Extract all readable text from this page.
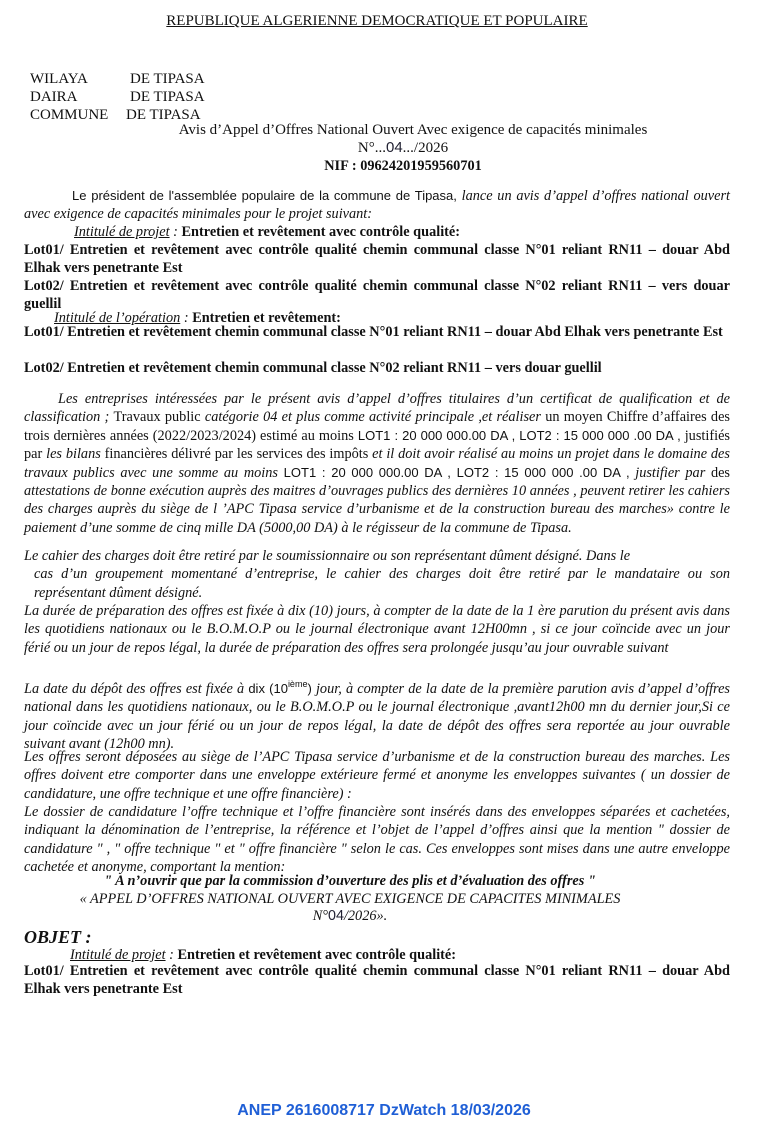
REPUBLIQUE ALGERIENNE DEMOCRATIQUE ET POPULAIRE
WILAYA	DE TIPASA
DAIRA	DE TIPASA
COMMUNE DE TIPASA
Avis d’Appel d’Offres National Ouvert Avec exigence de capacités minimales
N°...04.../2026
NIF : 09624201959560701
Le président de l'assemblée populaire de la commune de Tipasa, lance un avis d’appel d’offres national ouvert avec exigence de capacités minimales pour le projet suivant:
Intitulé de projet : Entretien et revêtement avec contrôle qualité:
Lot01/ Entretien et revêtement avec contrôle qualité chemin communal classe N°01 reliant RN11 – douar Abd Elhak vers penetrante Est
Lot02/ Entretien et revêtement avec contrôle qualité chemin communal classe N°02 reliant RN11 – vers douar guellil
Intitulé de l’opération : Entretien et revêtement:
Lot01/ Entretien et revêtement chemin communal classe N°01 reliant RN11 – douar Abd Elhak vers penetrante Est
Lot02/ Entretien et revêtement chemin communal classe N°02 reliant RN11 – vers douar guellil
Les entreprises intéressées par le présent avis d’appel d’offres titulaires d’un certificat de qualification et de classification ; Travaux public catégorie 04 et plus comme activité principale ,et réaliser un moyen Chiffre d’affaires des trois dernières années (2022/2023/2024) estimé au moins LOT1 : 20 000 000.00 DA , LOT2 : 15 000 000 .00 DA , justifiés par les bilans financières délivré par les services des impôts et il doit avoir réalisé au moins un projet dans le domaine des travaux publics avec une somme au moins LOT1 : 20 000 000.00 DA , LOT2 : 15 000 000 .00 DA , justifier par des attestations de bonne exécution auprès des maitres d’ouvrages publics des dernières 10 années , peuvent retirer les cahiers des charges auprès du siège de l ’APC Tipasa service d’urbanisme et de la construction bureau des marches» contre le paiement d’une somme de cinq mille DA (5000,00 DA) à le régisseur de la commune de Tipasa.
Le cahier des charges doit être retiré par le soumissionnaire ou son représentant dûment désigné. Dans le
cas d’un groupement momentané d’entreprise, le cahier des charges doit être retiré par le mandataire ou son représentant dûment désigné.
La durée de préparation des offres est fixée à dix (10) jours, à compter de la date de la 1 ère parution du présent avis dans les quotidiens nationaux ou le B.O.M.O.P ou le journal électronique avant 12H00mn , si ce jour coïncide avec un jour férié ou un jour de repos légal, la durée de préparation des offres sera prolongée jusqu’au jour ouvrable suivant
La date du dépôt des offres est fixée à dix (10ième) jour, à compter de la date de la première parution avis d’appel d’offres national dans les quotidiens nationaux, ou le B.O.M.O.P ou le journal électronique ,avant12h00 mn du dernier jour,Si ce jour coïncide avec un jour férié ou un jour de repos légal, la date de dépôt des offres sera reportée au jour ouvrable suivant avant (12h00 mn).
Les offres seront déposées au siège de l’APC Tipasa service d’urbanisme et de la construction bureau des marches. Les offres doivent etre comporter dans une enveloppe extérieure fermé et anonyme les enveloppes suivantes ( un dossier de candidature, une offre technique et une offre financière) :
Le dossier de candidature l’offre technique et l’offre financière sont insérés dans des enveloppes séparées et cachetées, indiquant la dénomination de l’entreprise, la référence et l’objet de l’appel d’offres ainsi que la mention " dossier de candidature " , " offre technique " et " offre financière " selon le cas. Ces enveloppes sont mises dans une autre enveloppe cachetée et anonyme, comportant la mention:
" A n’ouvrir que par la commission d’ouverture des plis et d’évaluation des offres "
« APPEL D’OFFRES NATIONAL OUVERT AVEC EXIGENCE DE CAPACITES MINIMALES
N°04/2026».
OBJET :
Intitulé de projet : Entretien et revêtement avec contrôle qualité:
Lot01/ Entretien et revêtement avec contrôle qualité chemin communal classe N°01 reliant RN11 – douar Abd Elhak vers penetrante Est
ANEP 2616008717 DzWatch 18/03/2026
